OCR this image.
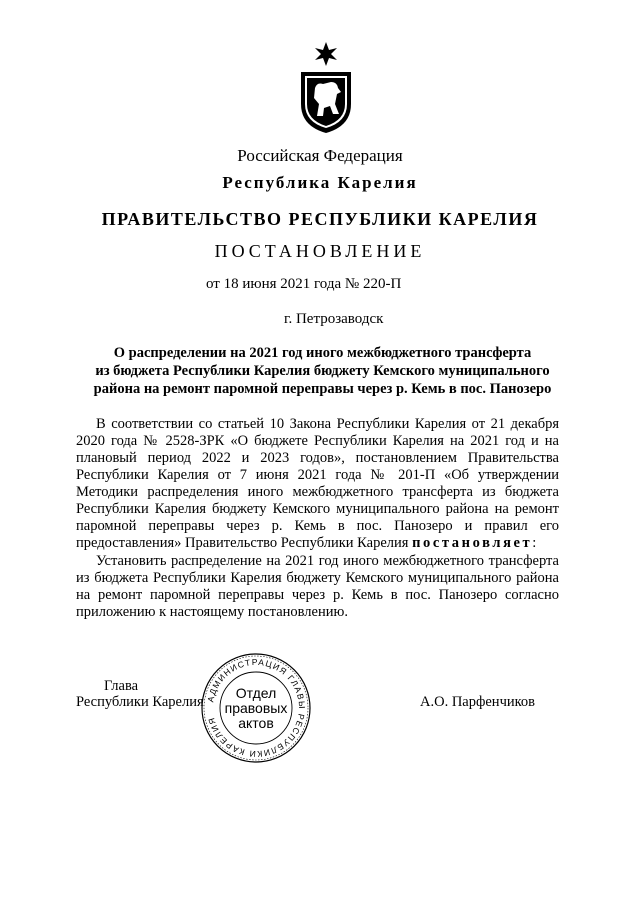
Российская Федерация
Республика Карелия
ПРАВИТЕЛЬСТВО РЕСПУБЛИКИ КАРЕЛИЯ
ПОСТАНОВЛЕНИЕ
от 18 июня 2021 года № 220-П
г. Петрозаводск
О распределении на 2021 год иного межбюджетного трансферта
из бюджета Республики Карелия бюджету Кемского муниципального
района на ремонт паромной переправы через р. Кемь в пос. Панозеро
В соответствии со статьей 10 Закона Республики Карелия от 21 декабря 2020 года № 2528-ЗРК «О бюджете Республики Карелия на 2021 год и на плановый период 2022 и 2023 годов», постановлением Правительства Республики Карелия от 7 июня 2021 года № 201-П «Об утверждении Методики распределения иного межбюджетного трансферта из бюджета Республики Карелия бюджету Кемского муниципального района на ремонт паромной переправы через р. Кемь в пос. Панозеро и правил его предоставления» Правительство Республики Карелия постановляет:
Установить распределение на 2021 год иного межбюджетного трансферта из бюджета Республики Карелия бюджету Кемского муниципального района на ремонт паромной переправы через р. Кемь в пос. Панозеро согласно приложению к настоящему постановлению.
Глава
Республики Карелия	А.О. Парфенчиков
АДМИНИСТРАЦИЯ ГЛАВЫ РЕСПУБЛИКИ КАРЕЛИЯ
Отдел
правовых
актов
